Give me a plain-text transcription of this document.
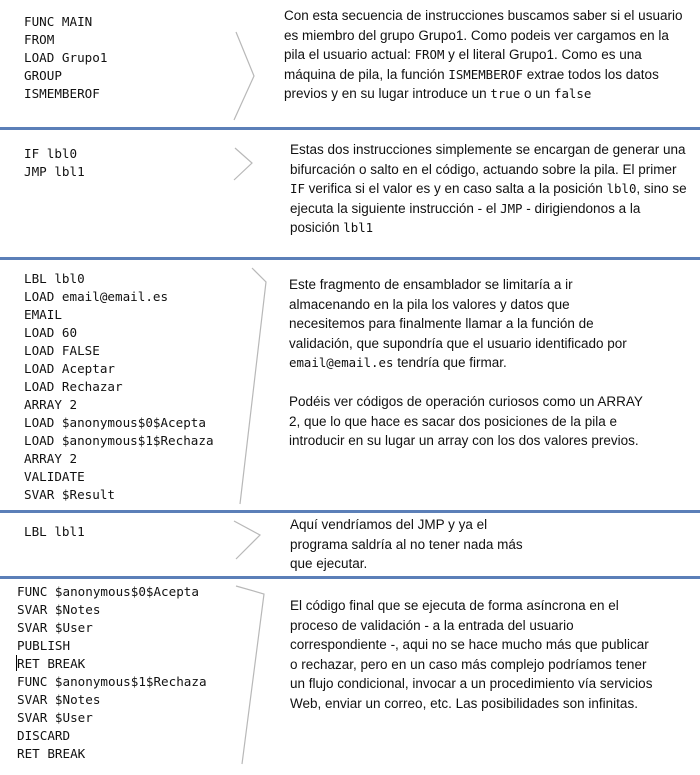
FUNC MAIN
FROM
LOAD Grupo1
GROUP
ISMEMBEROF

Con esta secuencia de instrucciones buscamos saber si el usuario es miembro del grupo Grupo1. Como podeis ver cargamos en la pila el usuario actual: FROM y el literal Grupo1. Como es una máquina de pila, la función ISMEMBEROF extrae todos los datos previos y en su lugar introduce un true o un false

IF lbl0
JMP lbl1

Estas dos instrucciones simplemente se encargan de generar una bifurcación o salto en el código, actuando sobre la pila. El primer IF verifica si el valor es y en caso salta a la posición lbl0, sino se ejecuta la siguiente instrucción - el JMP - dirigiendonos a la posición lbl1

LBL lbl0
LOAD email@email.es
EMAIL
LOAD 60
LOAD FALSE
LOAD Aceptar
LOAD Rechazar
ARRAY 2
LOAD $anonymous$0$Acepta
LOAD $anonymous$1$Rechaza
ARRAY 2
VALIDATE
SVAR $Result

Este fragmento de ensamblador se limitaría a ir almacenando en la pila los valores y datos que necesitemos para finalmente llamar a la función de validación, que supondría que el usuario identificado por email@email.es tendría que firmar.

Podéis ver códigos de operación curiosos como un ARRAY 2, que lo que hace es sacar dos posiciones de la pila e introducir en su lugar un array con los dos valores previos.

LBL lbl1	Aquí vendríamos del JMP y ya el
programa saldría al no tener nada más
que ejecutar.

FUNC $anonymous$0$Acepta
SVAR $Notes
SVAR $User
PUBLISH
RET BREAK
FUNC $anonymous$1$Rechaza
SVAR $Notes
SVAR $User
DISCARD
RET BREAK

El código final que se ejecuta de forma asíncrona en el proceso de validación - a la entrada del usuario correspondiente -, aqui no se hace mucho más que publicar o rechazar, pero en un caso más complejo podríamos tener un flujo condicional, invocar a un procedimiento vía servicios Web, enviar un correo, etc. Las posibilidades son infinitas.
